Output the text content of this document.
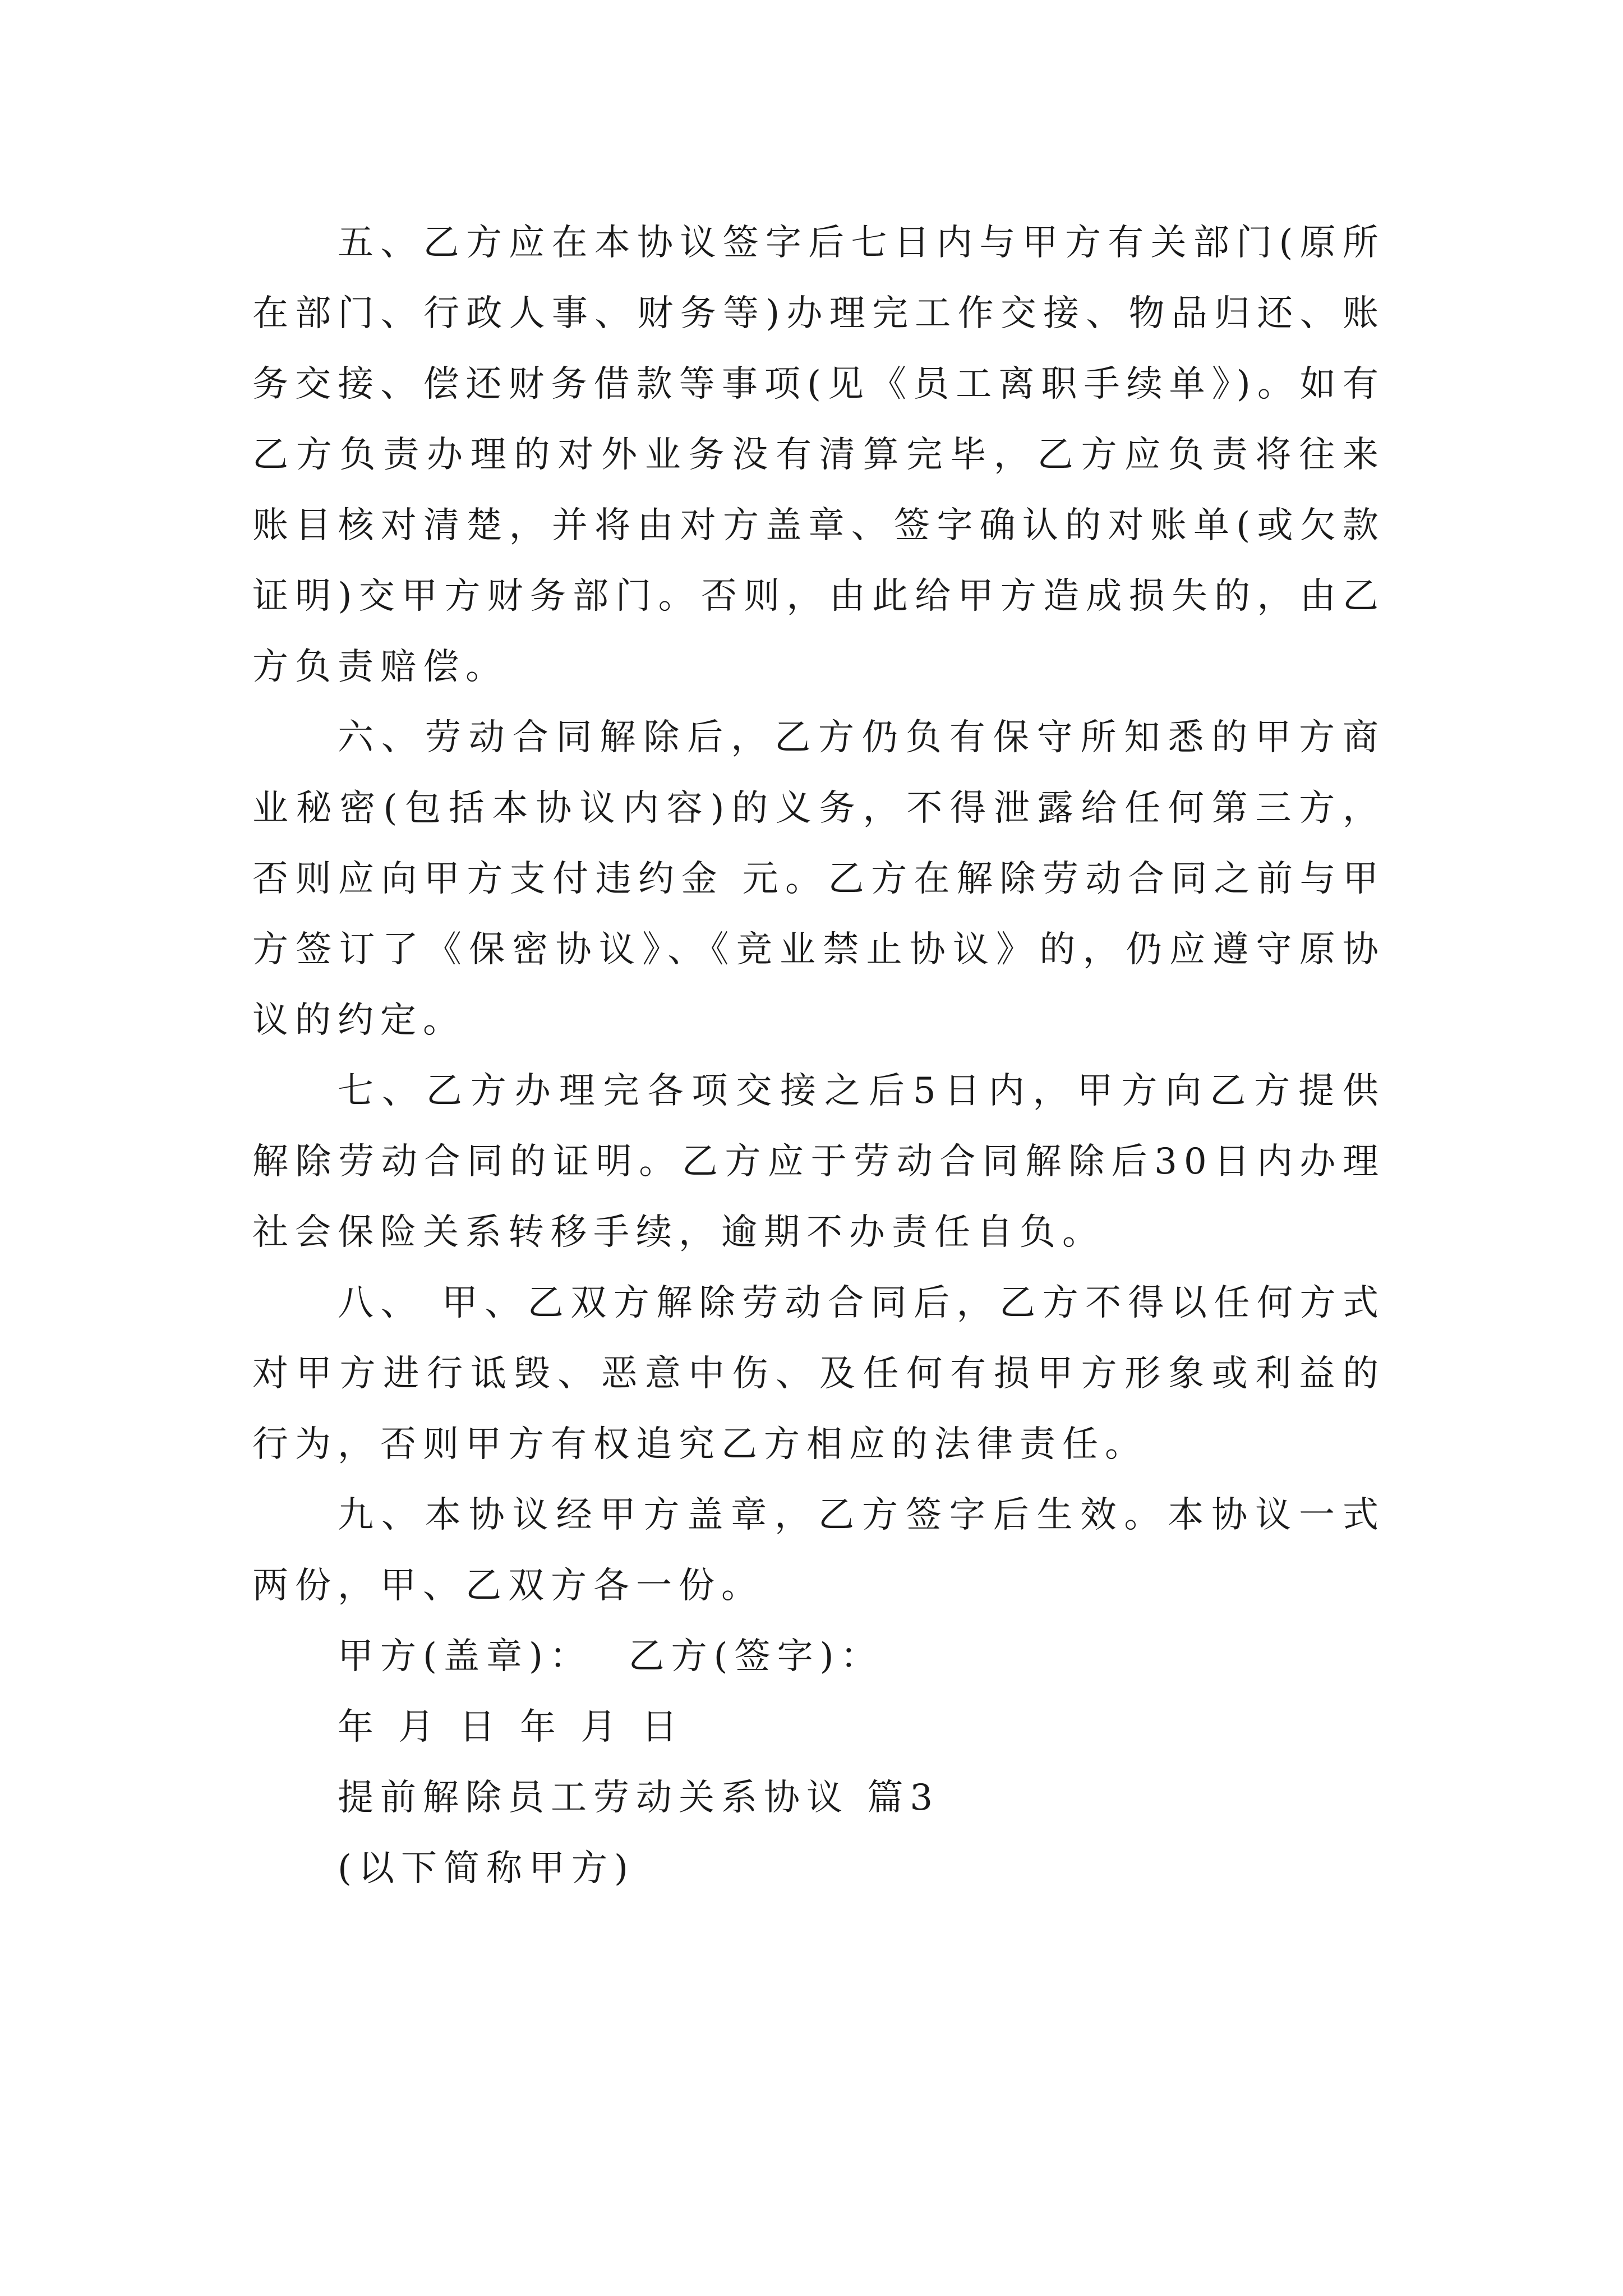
五、乙方应在本协议签字后七日内与甲方有关部门(原所在部门、行政人事、财务等)办理完工作交接、物品归还、账务交接、偿还财务借款等事项(见《员工离职手续单》)。如有乙方负责办理的对外业务没有清算完毕，乙方应负责将往来账目核对清楚，并将由对方盖章、签字确认的对账单(或欠款证明)交甲方财务部门。否则，由此给甲方造成损失的，由乙方负责赔偿。

六、劳动合同解除后，乙方仍负有保守所知悉的甲方商业秘密(包括本协议内容)的义务，不得泄露给任何第三方，否则应向甲方支付违约金 元。乙方在解除劳动合同之前与甲方签订了《保密协议》、《竞业禁止协议》的，仍应遵守原协议的约定。

七、乙方办理完各项交接之后5日内，甲方向乙方提供解除劳动合同的证明。乙方应于劳动合同解除后30日内办理社会保险关系转移手续，逾期不办责任自负。

八、 甲、乙双方解除劳动合同后，乙方不得以任何方式对甲方进行诋毁、恶意中伤、及任何有损甲方形象或利益的行为，否则甲方有权追究乙方相应的法律责任。

九、本协议经甲方盖章，乙方签字后生效。本协议一式两份，甲、乙双方各一份。

甲方(盖章)：  乙方(签字)：

年 月 日 年 月 日

提前解除员工劳动关系协议 篇3

(以下简称甲方)
